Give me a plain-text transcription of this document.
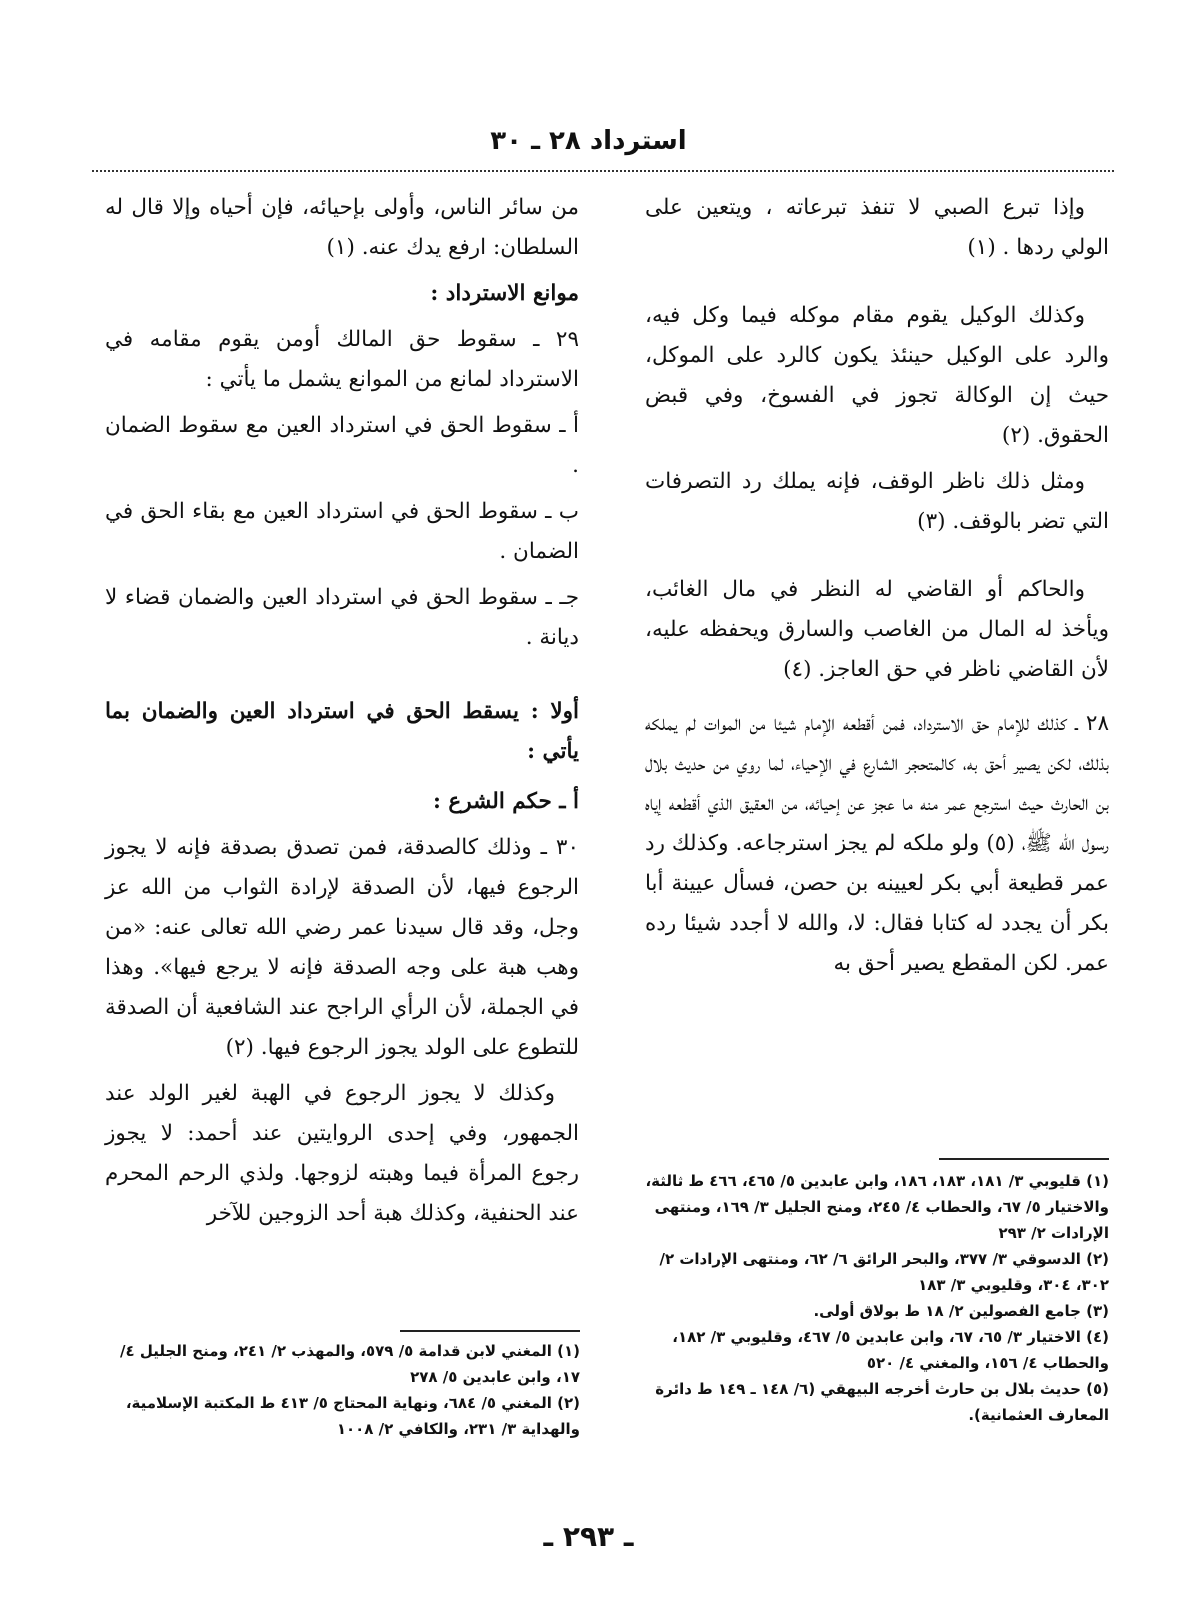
استرداد ٢٨ ـ ٣٠

وإذا تبرع الصبي لا تنفذ تبرعاته ، ويتعين على الولي ردها . (١)

وكذلك الوكيل يقوم مقام موكله فيما وكل فيه، والرد على الوكيل حينئذ يكون كالرد على الموكل، حيث إن الوكالة تجوز في الفسوخ، وفي قبض الحقوق. (٢)

ومثل ذلك ناظر الوقف، فإنه يملك رد التصرفات التي تضر بالوقف. (٣)

والحاكم أو القاضي له النظر في مال الغائب، ويأخذ له المال من الغاصب والسارق ويحفظه عليه، لأن القاضي ناظر في حق العاجز. (٤)

٢٨ ـ كذلك للإمام حق الاسترداد، فمن أقطعه الإمام شيئا من الموات لم يملكه بذلك، لكن يصير أحق به، كالمتحجر الشارع في الإحياء، لما روي من حديث بلال بن الحارث حيث استرجع عمر منه ما عجز عن إحيائه، من العقيق الذي أقطعه إياه رسول الله ﷺ، (٥) ولو ملكه لم يجز استرجاعه. وكذلك رد عمر قطيعة أبي بكر لعيينه بن حصن، فسأل عيينة أبا بكر أن يجدد له كتابا فقال: لا، والله لا أجدد شيئا رده عمر. لكن المقطع يصير أحق به

من سائر الناس، وأولى بإحيائه، فإن أحياه وإلا قال له السلطان: ارفع يدك عنه. (١)

موانع الاسترداد :

٢٩ ـ سقوط حق المالك أومن يقوم مقامه في الاسترداد لمانع من الموانع يشمل ما يأتي :

أ ـ سقوط الحق في استرداد العين مع سقوط الضمان .

ب ـ سقوط الحق في استرداد العين مع بقاء الحق في الضمان .

جـ ـ سقوط الحق في استرداد العين والضمان قضاء لا ديانة .

أولا : يسقط الحق في استرداد العين والضمان بما يأتي :

أ ـ حكم الشرع :

٣٠ ـ وذلك كالصدقة، فمن تصدق بصدقة فإنه لا يجوز الرجوع فيها، لأن الصدقة لإرادة الثواب من الله عز وجل، وقد قال سيدنا عمر رضي الله تعالى عنه: «من وهب هبة على وجه الصدقة فإنه لا يرجع فيها». وهذا في الجملة، لأن الرأي الراجح عند الشافعية أن الصدقة للتطوع على الولد يجوز الرجوع فيها. (٢)

وكذلك لا يجوز الرجوع في الهبة لغير الولد عند الجمهور، وفي إحدى الروايتين عند أحمد: لا يجوز رجوع المرأة فيما وهبته لزوجها. ولذي الرحم المحرم عند الحنفية، وكذلك هبة أحد الزوجين للآخر

(١) قليوبي ٣/ ١٨١، ١٨٣، ١٨٦، وابن عابدين ٥/ ٤٦٥، ٤٦٦ ط ثالثة، والاختيار ٥/ ٦٧، والحطاب ٤/ ٢٤٥، ومنح الجليل ٣/ ١٦٩، ومنتهى الإرادات ٢/ ٢٩٣

(٢) الدسوقي ٣/ ٣٧٧، والبحر الرائق ٦/ ٦٢، ومنتهى الإرادات ٢/ ٣٠٢، ٣٠٤، وقليوبي ٣/ ١٨٣

(٣) جامع الفصولين ٢/ ١٨ ط بولاق أولى.

(٤) الاختيار ٣/ ٦٥، ٦٧، وابن عابدين ٥/ ٤٦٧، وقليوبي ٣/ ١٨٢، والحطاب ٤/ ١٥٦، والمغني ٤/ ٥٢٠

(٥) حديث بلال بن حارث أخرجه البيهقي (٦/ ١٤٨ ـ ١٤٩ ط دائرة المعارف العثمانية).

(١) المغني لابن قدامة ٥/ ٥٧٩، والمهذب ٢/ ٢٤١، ومنح الجليل ٤/ ١٧، وابن عابدين ٥/ ٢٧٨

(٢) المغني ٥/ ٦٨٤، ونهاية المحتاج ٥/ ٤١٣ ط المكتبة الإسلامية، والهداية ٣/ ٢٣١، والكافي ٢/ ١٠٠٨

ـ ٢٩٣ ـ
